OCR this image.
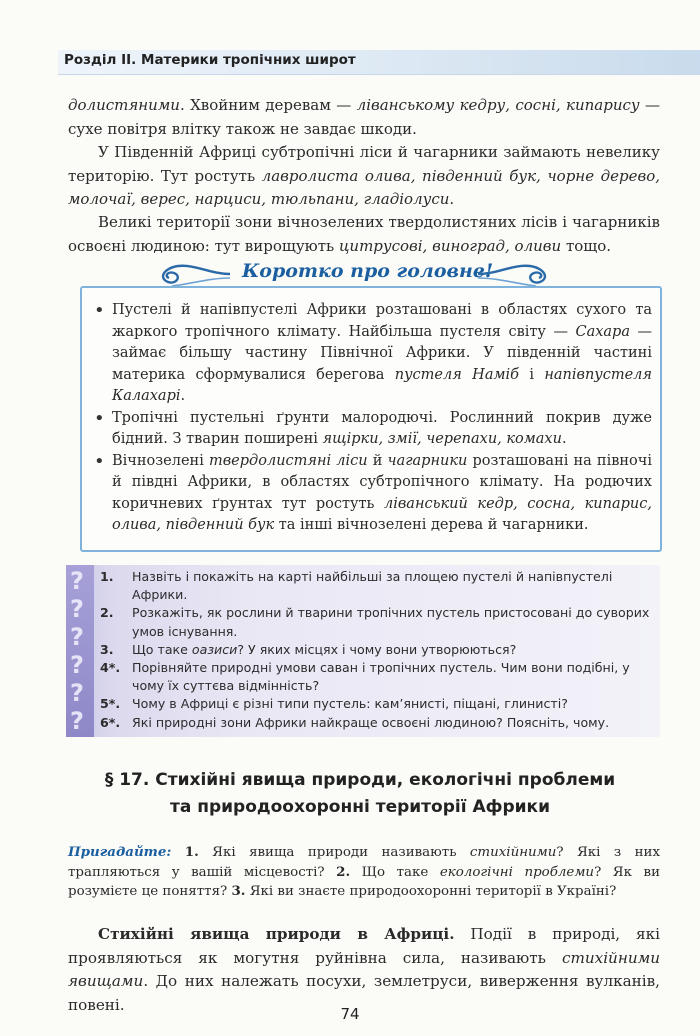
Розділ ІІ. Материки тропічних широт

долистяними. Хвойним деревам — ліванському кедру, сосні, кипарису — сухе повітря влітку також не завдає шкоди.

У Південній Африці субтропічні ліси й чагарники займають невелику територію. Тут ростуть лавролиста олива, південний бук, чорне дерево, молочаї, верес, нарциси, тюльпани, гладіолуси.

Великі території зони вічнозелених твердолистяних лісів і чагарників освоєні людиною: тут вирощують цитрусові, виноград, оливи тощо.

Коротко про головне!
• Пустелі й напівпустелі Африки розташовані в областях сухого та жаркого тропічного клімату. Найбільша пустеля світу — Сахара — займає більшу частину Північної Африки. У південній частині материка сформувалися берегова пустеля Наміб і напівпустеля Калахарі.
• Тропічні пустельні ґрунти малородючі. Рослинний покрив дуже бідний. З тварин поширені ящірки, змії, черепахи, комахи.
• Вічнозелені твердолистяні ліси й чагарники розташовані на півночі й півдні Африки, в областях субтропічного клімату. На родючих коричневих ґрунтах тут ростуть ліванський кедр, сосна, кипарис, олива, південний бук та інші вічнозелені дерева й чагарники.
?
?
?
?
?
?
1. Назвіть і покажіть на карті найбільші за площею пустелі й напівпустелі Африки.
2. Розкажіть, як рослини й тварини тропічних пустель пристосовані до суворих умов існування.
3. Що таке оазиси? У яких місцях і чому вони утворюються?
4*. Порівняйте природні умови саван і тропічних пустель. Чим вони подібні, у чому їх суттєва відмінність?
5*. Чому в Африці є різні типи пустель: кам’янисті, піщані, глинисті?
6*. Які природні зони Африки найкраще освоєні людиною? Поясніть, чому.
§ 17. Стихійні явища природи, екологічні проблеми
та природоохоронні території Африки

Пригадайте: 1. Які явища природи називають стихійними? Які з них трапляються у вашій місцевості? 2. Що таке екологічні проблеми? Як ви розумієте це поняття? 3. Які ви знаєте природоохоронні території в Україні?

Стихійні явища природи в Африці. Події в природі, які проявляються як могутня руйнівна сила, називають стихійними явищами. До них належать посухи, землетруси, виверження вулканів, повені.

74
